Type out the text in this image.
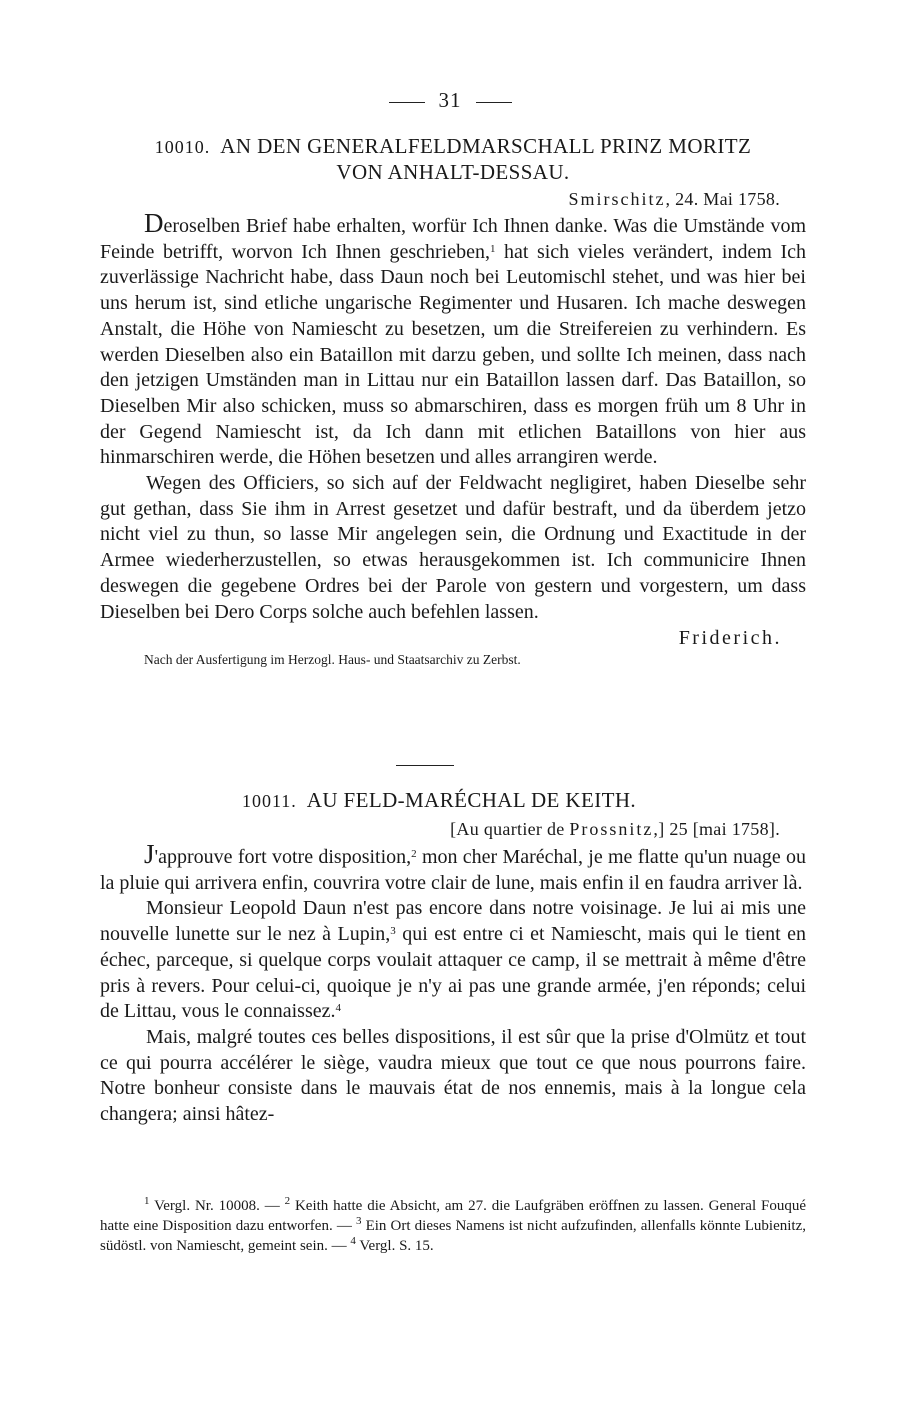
31
10010. AN DEN GENERALFELDMARSCHALL PRINZ MORITZ
VON ANHALT-DESSAU.
Smirschitz, 24. Mai 1758.

Deroselben Brief habe erhalten, worfür Ich Ihnen danke. Was die Umstände vom Feinde betrifft, worvon Ich Ihnen geschrieben,$^1$ hat sich vieles verändert, indem Ich zuverlässige Nachricht habe, dass Daun noch bei Leutomischl stehet, und was hier bei uns herum ist, sind etliche ungarische Regimenter und Husaren. Ich mache deswegen Anstalt, die Höhe von Namiescht zu besetzen, um die Streifereien zu verhindern. Es werden Dieselben also ein Bataillon mit darzu geben, und sollte Ich meinen, dass nach den jetzigen Umständen man in Littau nur ein Bataillon lassen darf. Das Bataillon, so Dieselben Mir also schicken, muss so abmarschiren, dass es morgen früh um 8 Uhr in der Gegend Namiescht ist, da Ich dann mit etlichen Bataillons von hier aus hinmarschiren werde, die Höhen besetzen und alles arrangiren werde.

Wegen des Officiers, so sich auf der Feldwacht negligiret, haben Dieselbe sehr gut gethan, dass Sie ihm in Arrest gesetzet und dafür bestraft, und da überdem jetzo nicht viel zu thun, so lasse Mir angelegen sein, die Ordnung und Exactitude in der Armee wiederherzustellen, so etwas herausgekommen ist. Ich communicire Ihnen deswegen die gegebene Ordres bei der Parole von gestern und vorgestern, um dass Dieselben bei Dero Corps solche auch befehlen lassen.

Friderich.
Nach der Ausfertigung im Herzogl. Haus- und Staatsarchiv zu Zerbst.
10011. AU FELD-MARÉCHAL DE KEITH.
[Au quartier de Prossnitz,] 25 [mai 1758].

J'approuve fort votre disposition,$^2$ mon cher Maréchal, je me flatte qu'un nuage ou la pluie qui arrivera enfin, couvrira votre clair de lune, mais enfin il en faudra arriver là.

Monsieur Leopold Daun n'est pas encore dans notre voisinage. Je lui ai mis une nouvelle lunette sur le nez à Lupin,$^3$ qui est entre ci et Namiescht, mais qui le tient en échec, parceque, si quelque corps voulait attaquer ce camp, il se mettrait à même d'être pris à revers. Pour celui-ci, quoique je n'y ai pas une grande armée, j'en réponds; celui de Littau, vous le connaissez.$^4$

Mais, malgré toutes ces belles dispositions, il est sûr que la prise d'Olmütz et tout ce qui pourra accélérer le siège, vaudra mieux que tout ce que nous pourrons faire. Notre bonheur consiste dans le mauvais état de nos ennemis, mais à la longue cela changera; ainsi hâtez-

$^1$ Vergl. Nr. 10008. — $^2$ Keith hatte die Absicht, am 27. die Laufgräben eröffnen zu lassen. General Fouqué hatte eine Disposition dazu entworfen. — $^3$ Ein Ort dieses Namens ist nicht aufzufinden, allenfalls könnte Lubienitz, südöstl. von Namiescht, gemeint sein. — $^4$ Vergl. S. 15.
